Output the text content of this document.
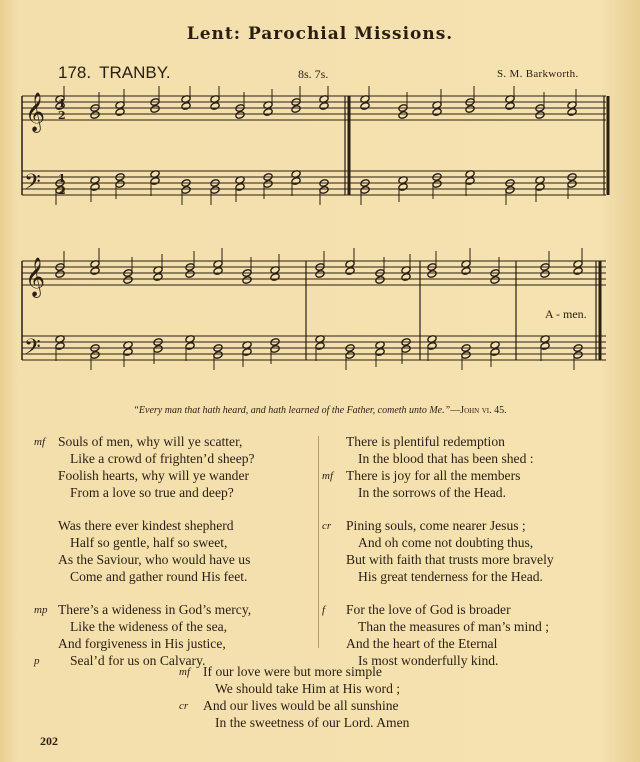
Lent: Parochial Missions.
178. TRANBY.	8s. 7s.	S. M. Barkworth.
𝄞 1
2
𝄢 1
2
𝄞
𝄢
A - men.
“Every man that hath heard, and hath learned of the Father, cometh unto Me.”—John vi. 45.
mf Souls of men, why will ye scatter,
Like a crowd of frighten’d sheep?
Foolish hearts, why will ye wander
From a love so true and deep?
Was there ever kindest shepherd
Half so gentle, half so sweet,
As the Saviour, who would have us
Come and gather round His feet.
mp There’s a wideness in God’s mercy,
Like the wideness of the sea,
And forgiveness in His justice,
p Seal’d for us on Calvary.
There is plentiful redemption
In the blood that has been shed :
mf There is joy for all the members
In the sorrows of the Head.
cr Pining souls, come nearer Jesus ;
And oh come not doubting thus,
But with faith that trusts more bravely
His great tenderness for the Head.
f For the love of God is broader
Than the measures of man’s mind ;
And the heart of the Eternal
Is most wonderfully kind.
mf If our love were but more simple
We should take Him at His word ;
cr And our lives would be all sunshine
In the sweetness of our Lord. Amen
202
